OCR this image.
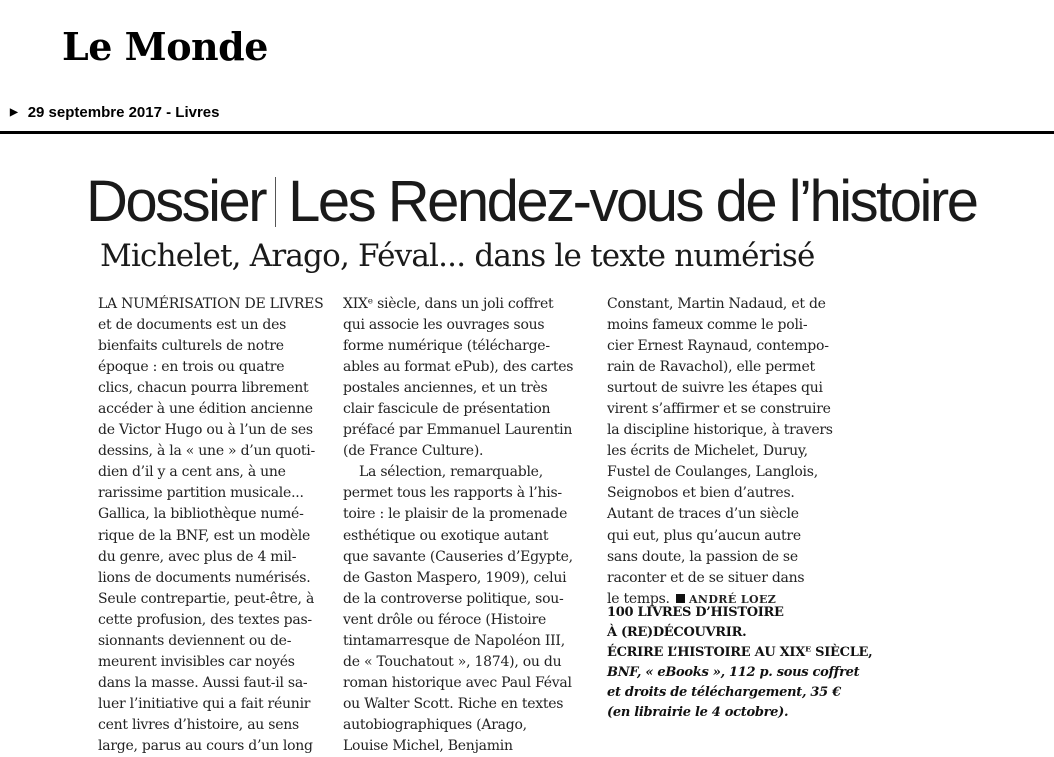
Le Monde
▶ 29 septembre 2017 - Livres
Dossier Les Rendez-vous de l’histoire
Michelet, Arago, Féval... dans le texte numérisé
LA NUMÉRISATION DE LIVRES
et de documents est un des
bienfaits culturels de notre
époque : en trois ou quatre
clics, chacun pourra librement
accéder à une édition ancienne
de Victor Hugo ou à l’un de ses
dessins, à la « une » d’un quoti-
dien d’il y a cent ans, à une
rarissime partition musicale...
Gallica, la bibliothèque numé-
rique de la BNF, est un modèle
du genre, avec plus de 4 mil-
lions de documents numérisés.
Seule contrepartie, peut-être, à
cette profusion, des textes pas-
sionnants deviennent ou de-
meurent invisibles car noyés
dans la masse. Aussi faut-il sa-
luer l’initiative qui a fait réunir
cent livres d’histoire, au sens
large, parus au cours d’un long
XIXᵉ siècle, dans un joli coffret
qui associe les ouvrages sous
forme numérique (télécharge-
ables au format ePub), des cartes
postales anciennes, et un très
clair fascicule de présentation
préfacé par Emmanuel Laurentin
(de France Culture).
La sélection, remarquable,
permet tous les rapports à l’his-
toire : le plaisir de la promenade
esthétique ou exotique autant
que savante (Causeries d’Egypte,
de Gaston Maspero, 1909), celui
de la controverse politique, sou-
vent drôle ou féroce (Histoire
tintamarresque de Napoléon III,
de « Touchatout », 1874), ou du
roman historique avec Paul Féval
ou Walter Scott. Riche en textes
autobiographiques (Arago,
Louise Michel, Benjamin
Constant, Martin Nadaud, et de
moins fameux comme le poli-
cier Ernest Raynaud, contempo-
rain de Ravachol), elle permet
surtout de suivre les étapes qui
virent s’affirmer et se construire
la discipline historique, à travers
les écrits de Michelet, Duruy,
Fustel de Coulanges, Langlois,
Seignobos et bien d’autres.
Autant de traces d’un siècle
qui eut, plus qu’aucun autre
sans doute, la passion de se
raconter et de se situer dans
le temps. ANDRÉ LOEZ
100 LIVRES D’HISTOIRE
À (RE)DÉCOUVRIR.
ÉCRIRE L’HISTOIRE AU XIXᴱ SIÈCLE,
BNF, « eBooks », 112 p. sous coffret
et droits de téléchargement, 35 €
(en librairie le 4 octobre).
